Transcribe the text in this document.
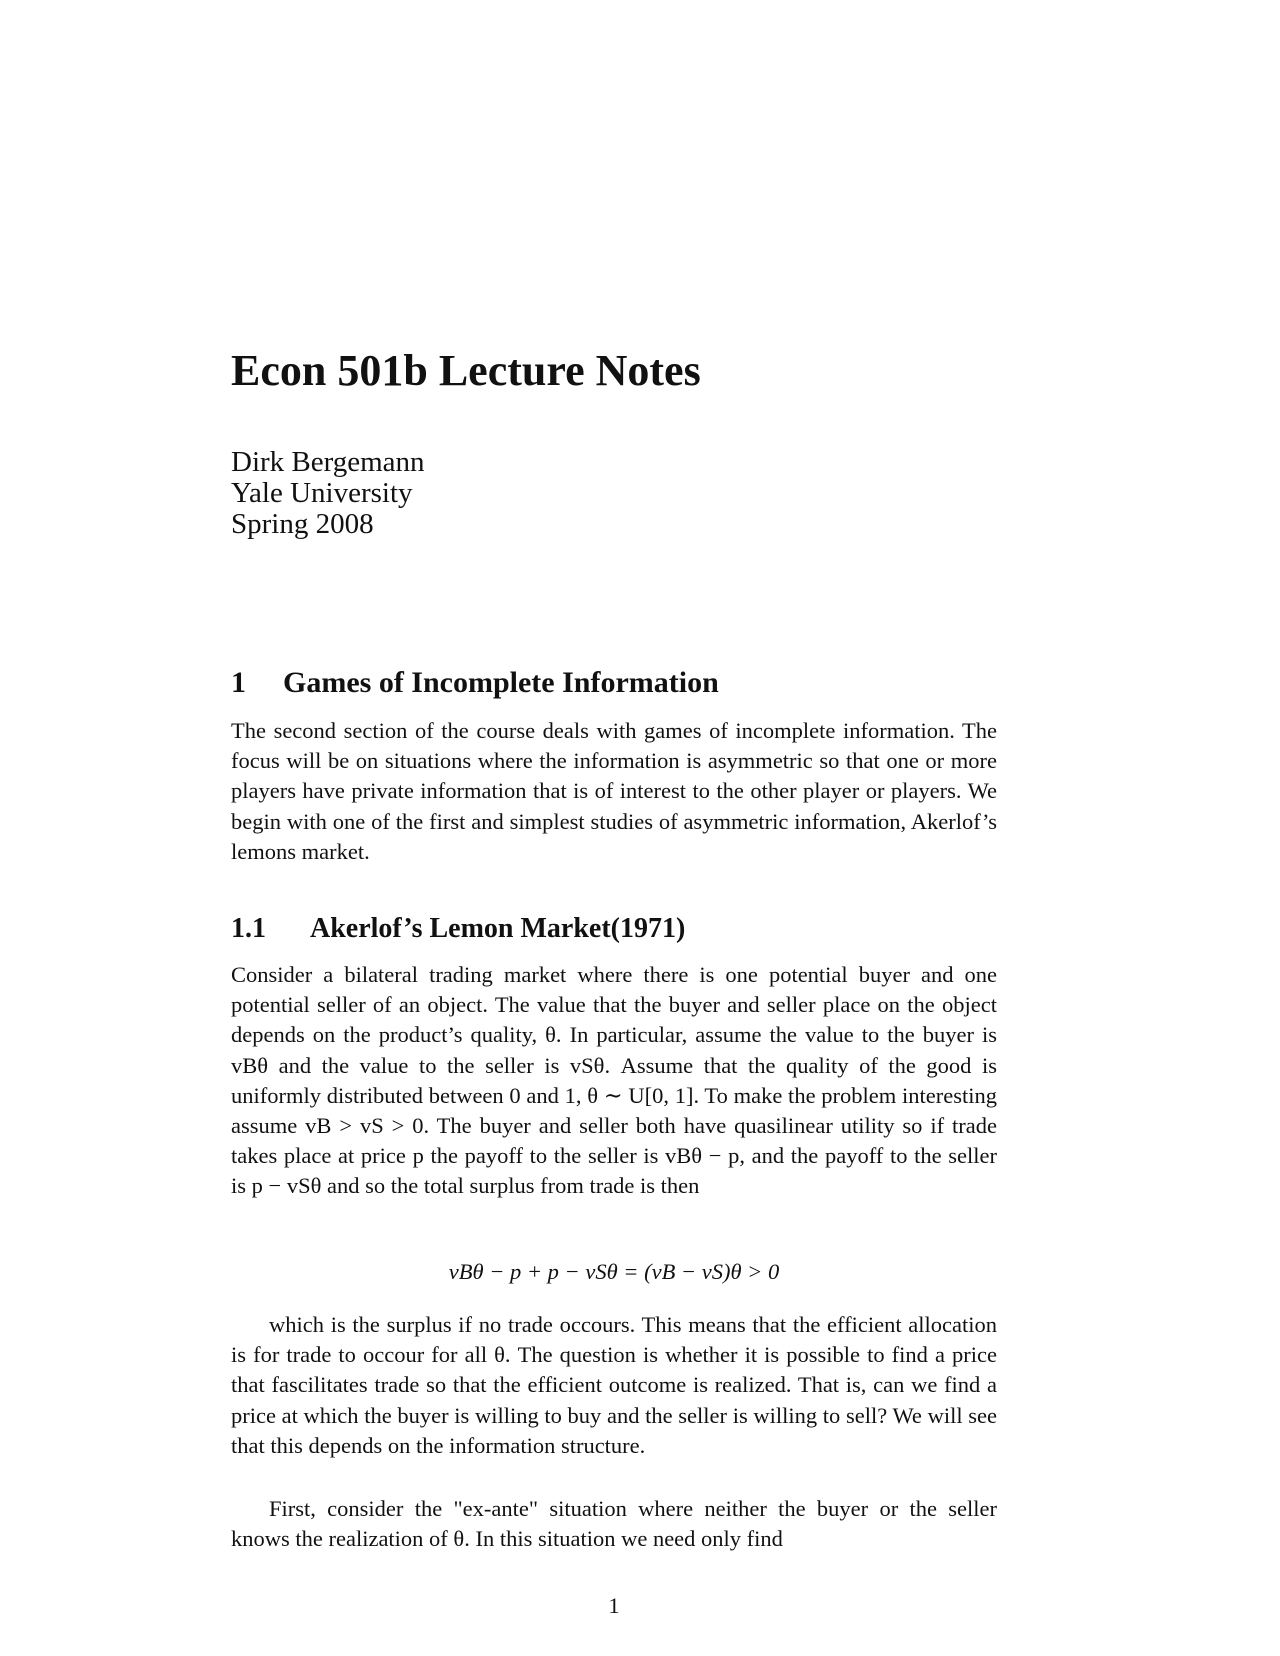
Econ 501b Lecture Notes
Dirk Bergemann
Yale University
Spring 2008
1 Games of Incomplete Information

The second section of the course deals with games of incomplete information. The focus will be on situations where the information is asymmetric so that one or more players have private information that is of interest to the other player or players. We begin with one of the first and simplest studies of asymmetric information, Akerlof’s lemons market.

1.1 Akerlof’s Lemon Market(1971)

Consider a bilateral trading market where there is one potential buyer and one potential seller of an object. The value that the buyer and seller place on the object depends on the product’s quality, θ. In particular, assume the value to the buyer is vBθ and the value to the seller is vSθ. Assume that the quality of the good is uniformly distributed between 0 and 1, θ ∼ U[0, 1]. To make the problem interesting assume vB > vS > 0. The buyer and seller both have quasilinear utility so if trade takes place at price p the payoff to the seller is vBθ − p, and the payoff to the seller is p − vSθ and so the total surplus from trade is then

vBθ − p + p − vSθ = (vB − vS)θ > 0

which is the surplus if no trade occours. This means that the efficient allocation is for trade to occour for all θ. The question is whether it is possible to find a price that fascilitates trade so that the efficient outcome is realized. That is, can we find a price at which the buyer is willing to buy and the seller is willing to sell? We will see that this depends on the information structure.

First, consider the "ex-ante" situation where neither the buyer or the seller knows the realization of θ. In this situation we need only find

1
